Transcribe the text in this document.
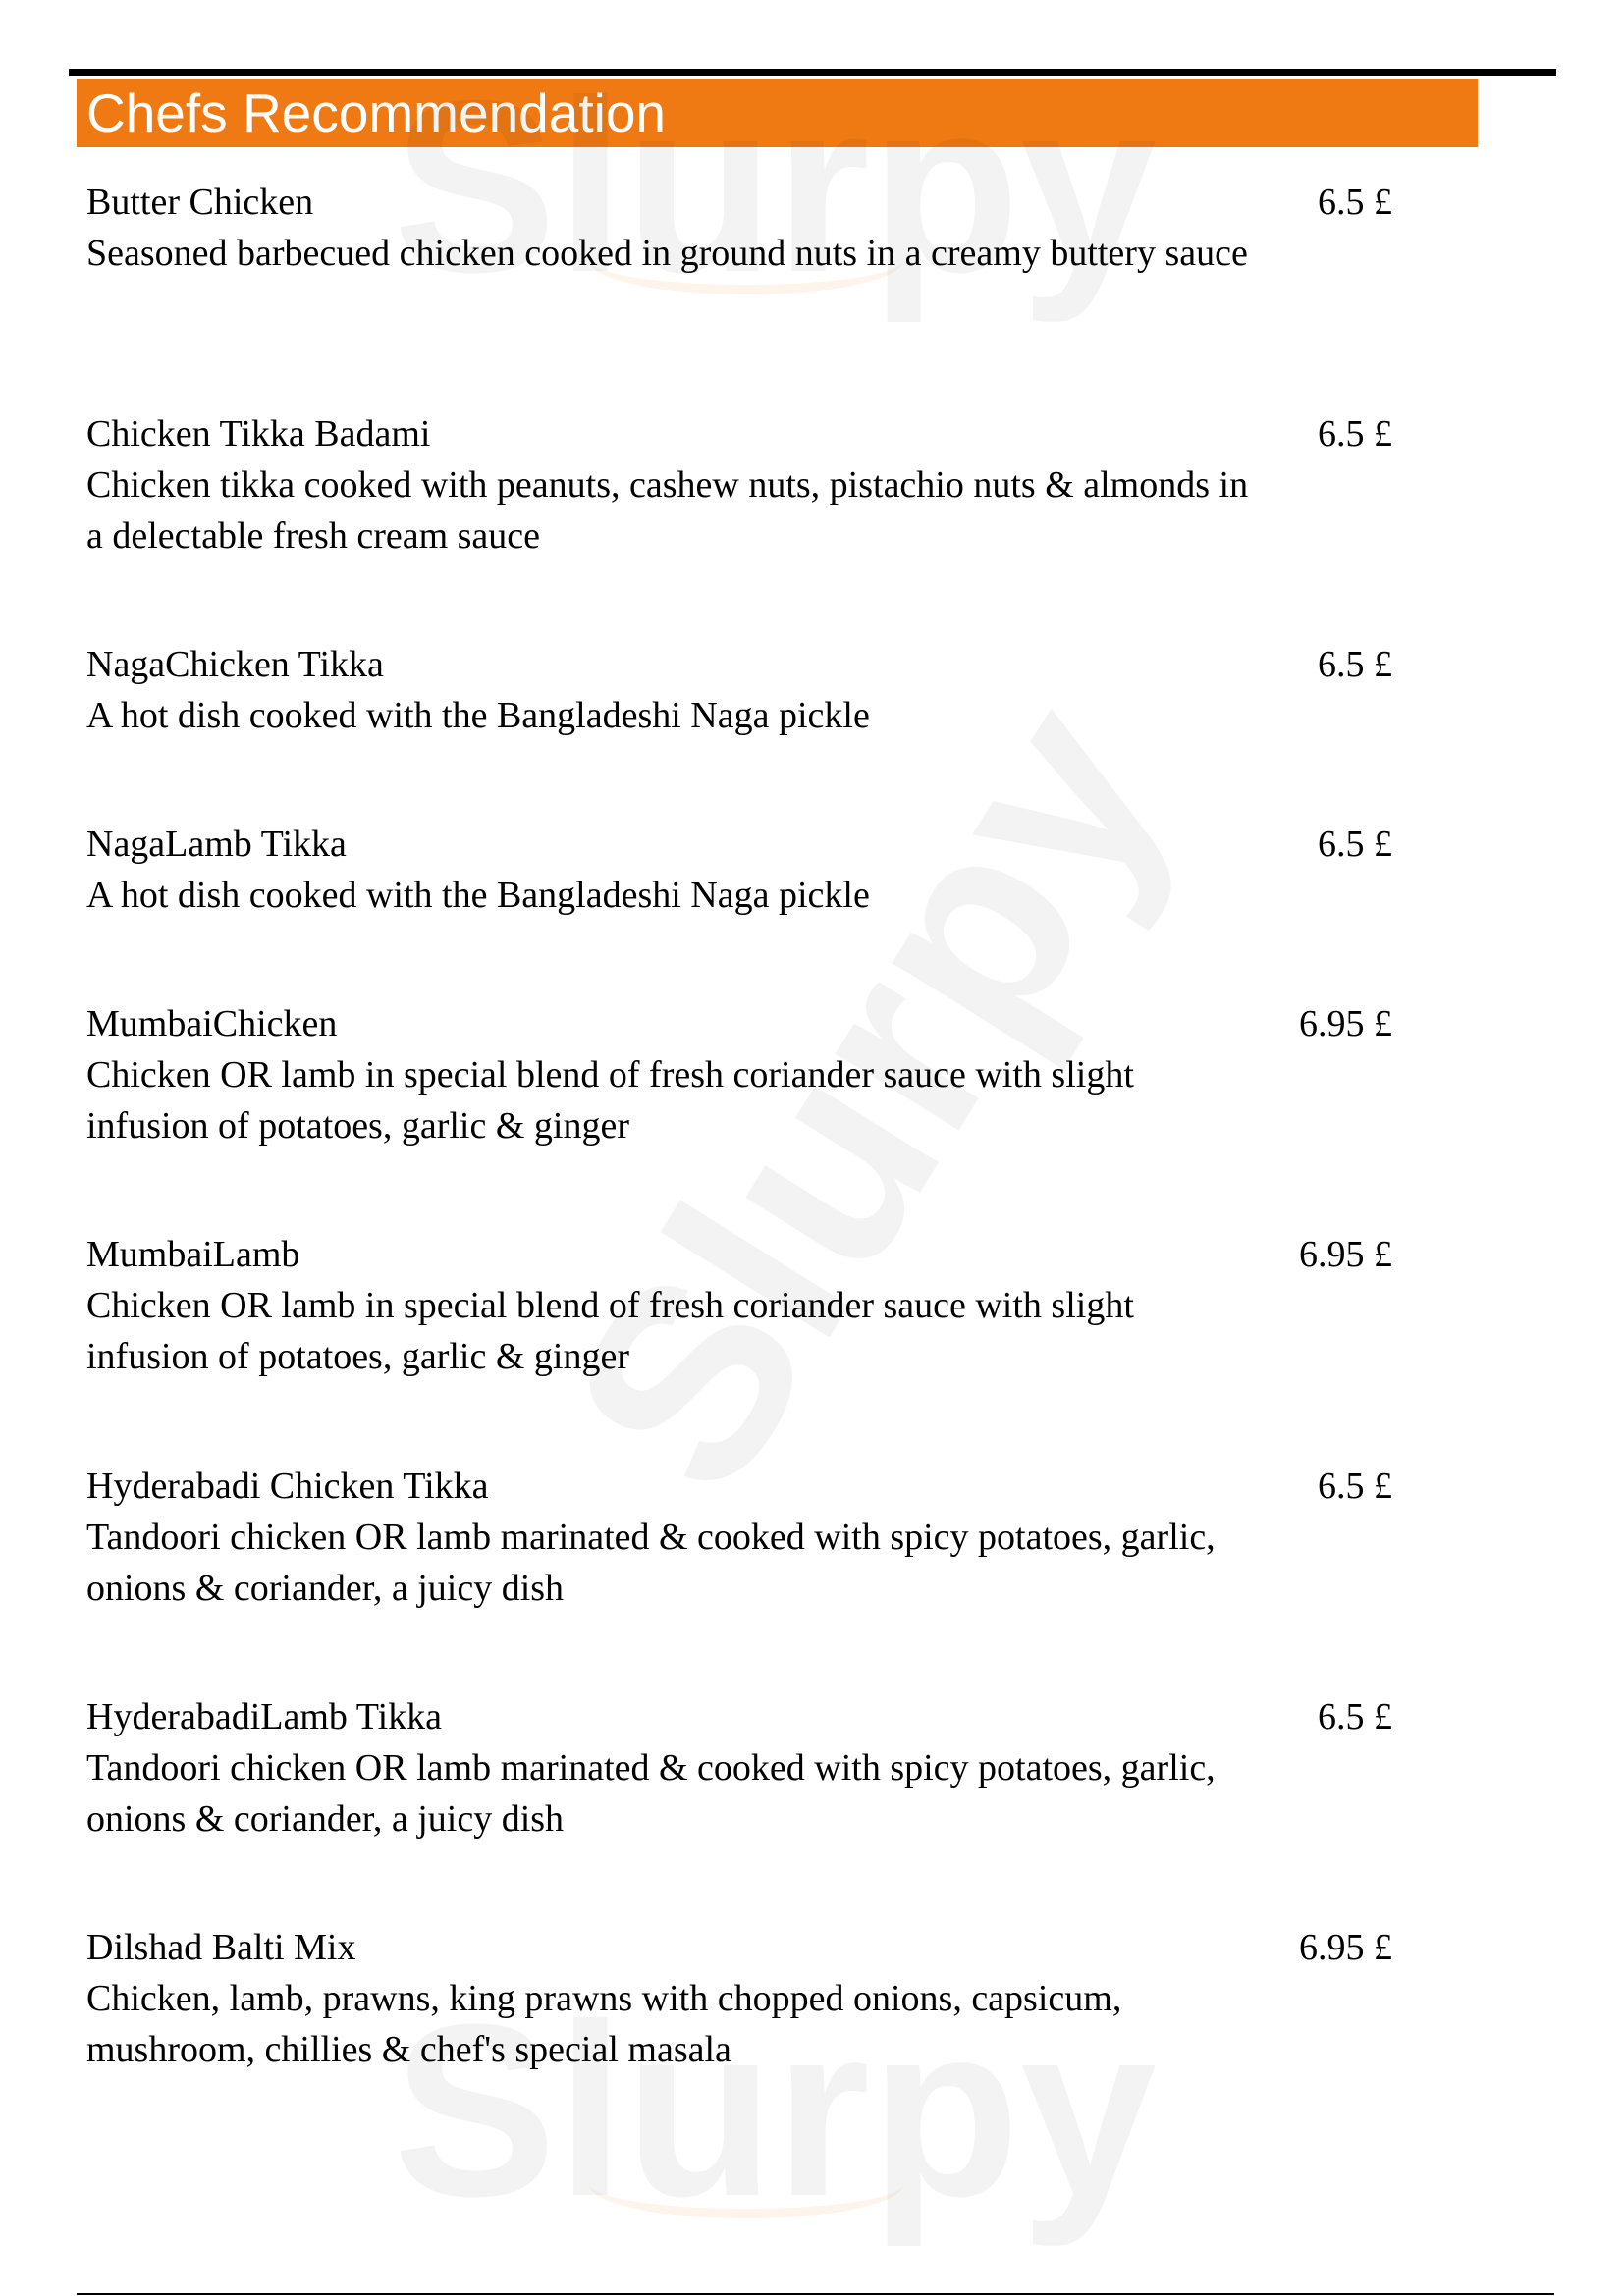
Chefs Recommendation
Butter Chicken
Seasoned barbecued chicken cooked in ground nuts in a creamy buttery sauce
6.5 £
Chicken Tikka Badami
Chicken tikka cooked with peanuts, cashew nuts, pistachio nuts & almonds in a delectable fresh cream sauce
6.5 £
NagaChicken Tikka
A hot dish cooked with the Bangladeshi Naga pickle
6.5 £
NagaLamb Tikka
A hot dish cooked with the Bangladeshi Naga pickle
6.5 £
MumbaiChicken
Chicken OR lamb in special blend of fresh coriander sauce with slight infusion of potatoes, garlic & ginger
6.95 £
MumbaiLamb
Chicken OR lamb in special blend of fresh coriander sauce with slight infusion of potatoes, garlic & ginger
6.95 £
Hyderabadi Chicken Tikka
Tandoori chicken OR lamb marinated & cooked with spicy potatoes, garlic, onions & coriander, a juicy dish
6.5 £
HyderabadiLamb Tikka
Tandoori chicken OR lamb marinated & cooked with spicy potatoes, garlic, onions & coriander, a juicy dish
6.5 £
Dilshad Balti Mix
Chicken, lamb, prawns, king prawns with chopped onions, capsicum, mushroom, chillies & chef's special masala
6.95 £
